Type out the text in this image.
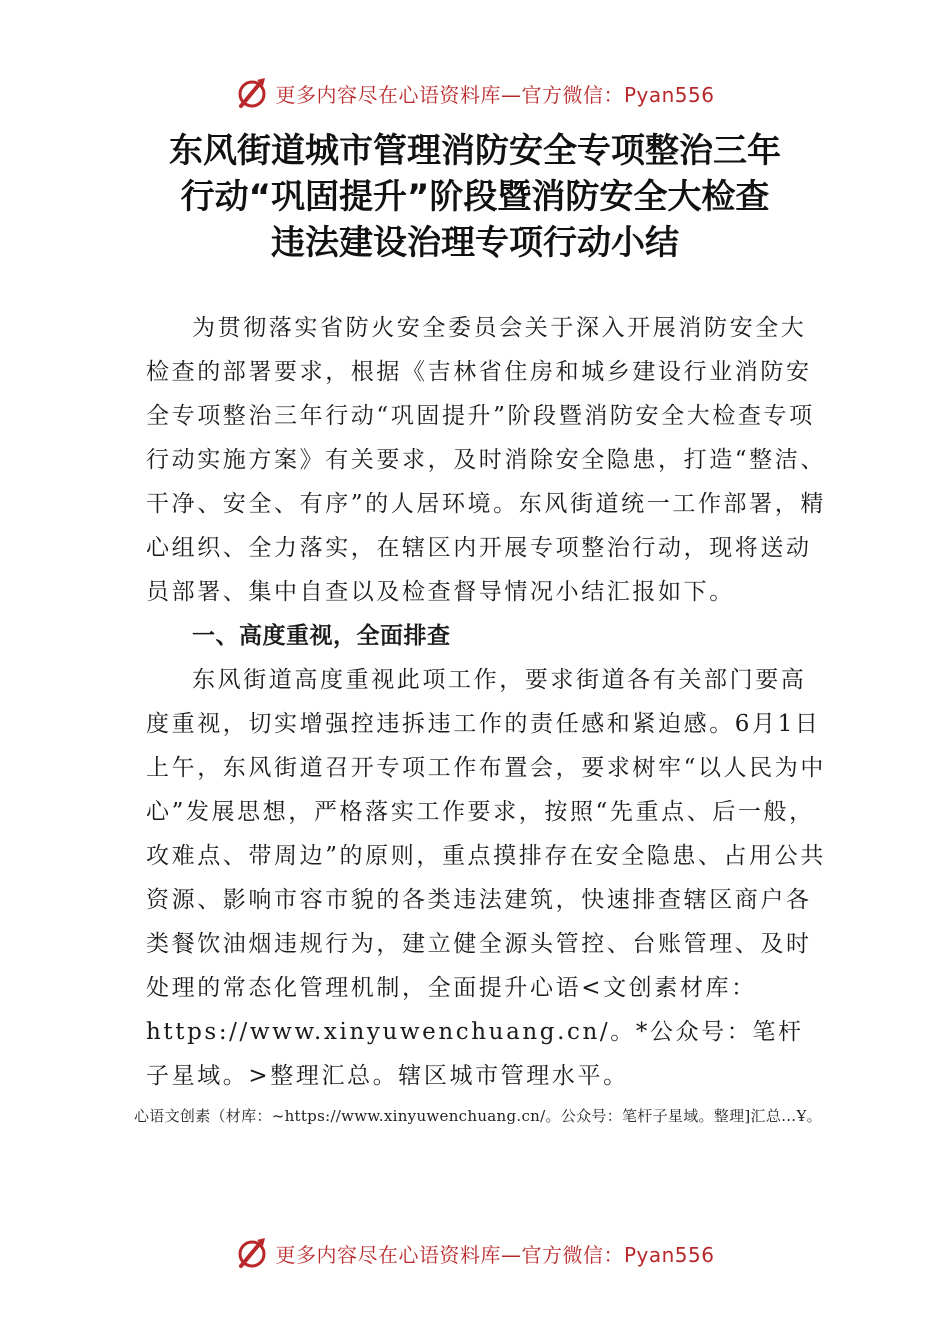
更多内容尽在心语资料库—官方微信：Pyan556
东风街道城市管理消防安全专项整治三年
行动“巩固提升”阶段暨消防安全大检查
违法建设治理专项行动小结

为贯彻落实省防火安全委员会关于深入开展消防安全大检查的部署要求，根据《吉林省住房和城乡建设行业消防安全专项整治三年行动“巩固提升”阶段暨消防安全大检查专项行动实施方案》有关要求，及时消除安全隐患，打造“整洁、干净、安全、有序”的人居环境。东风街道统一工作部署，精心组织、全力落实，在辖区内开展专项整治行动，现将送动员部署、集中自查以及检查督导情况小结汇报如下。

一、高度重视，全面排查

东风街道高度重视此项工作，要求街道各有关部门要高度重视，切实增强控违拆违工作的责任感和紧迫感。6月1日上午，东风街道召开专项工作布置会，要求树牢“以人民为中心”发展思想，严格落实工作要求，按照“先重点、后一般，攻难点、带周边”的原则，重点摸排存在安全隐患、占用公共资源、影响市容市貌的各类违法建筑，快速排查辖区商户各类餐饮油烟违规行为，建立健全源头管控、台账管理、及时处理的常态化管理机制，全面提升心语<文创素材库：https://www.xinyuwenchuang.cn/。*公众号：笔杆子星域。>整理汇总。辖区城市管理水平。

心语文创素（材库：~https://www.xinyuwenchuang.cn/。公众号：笔杆子星域。整理]汇总…Ұ。
更多内容尽在心语资料库—官方微信：Pyan556
